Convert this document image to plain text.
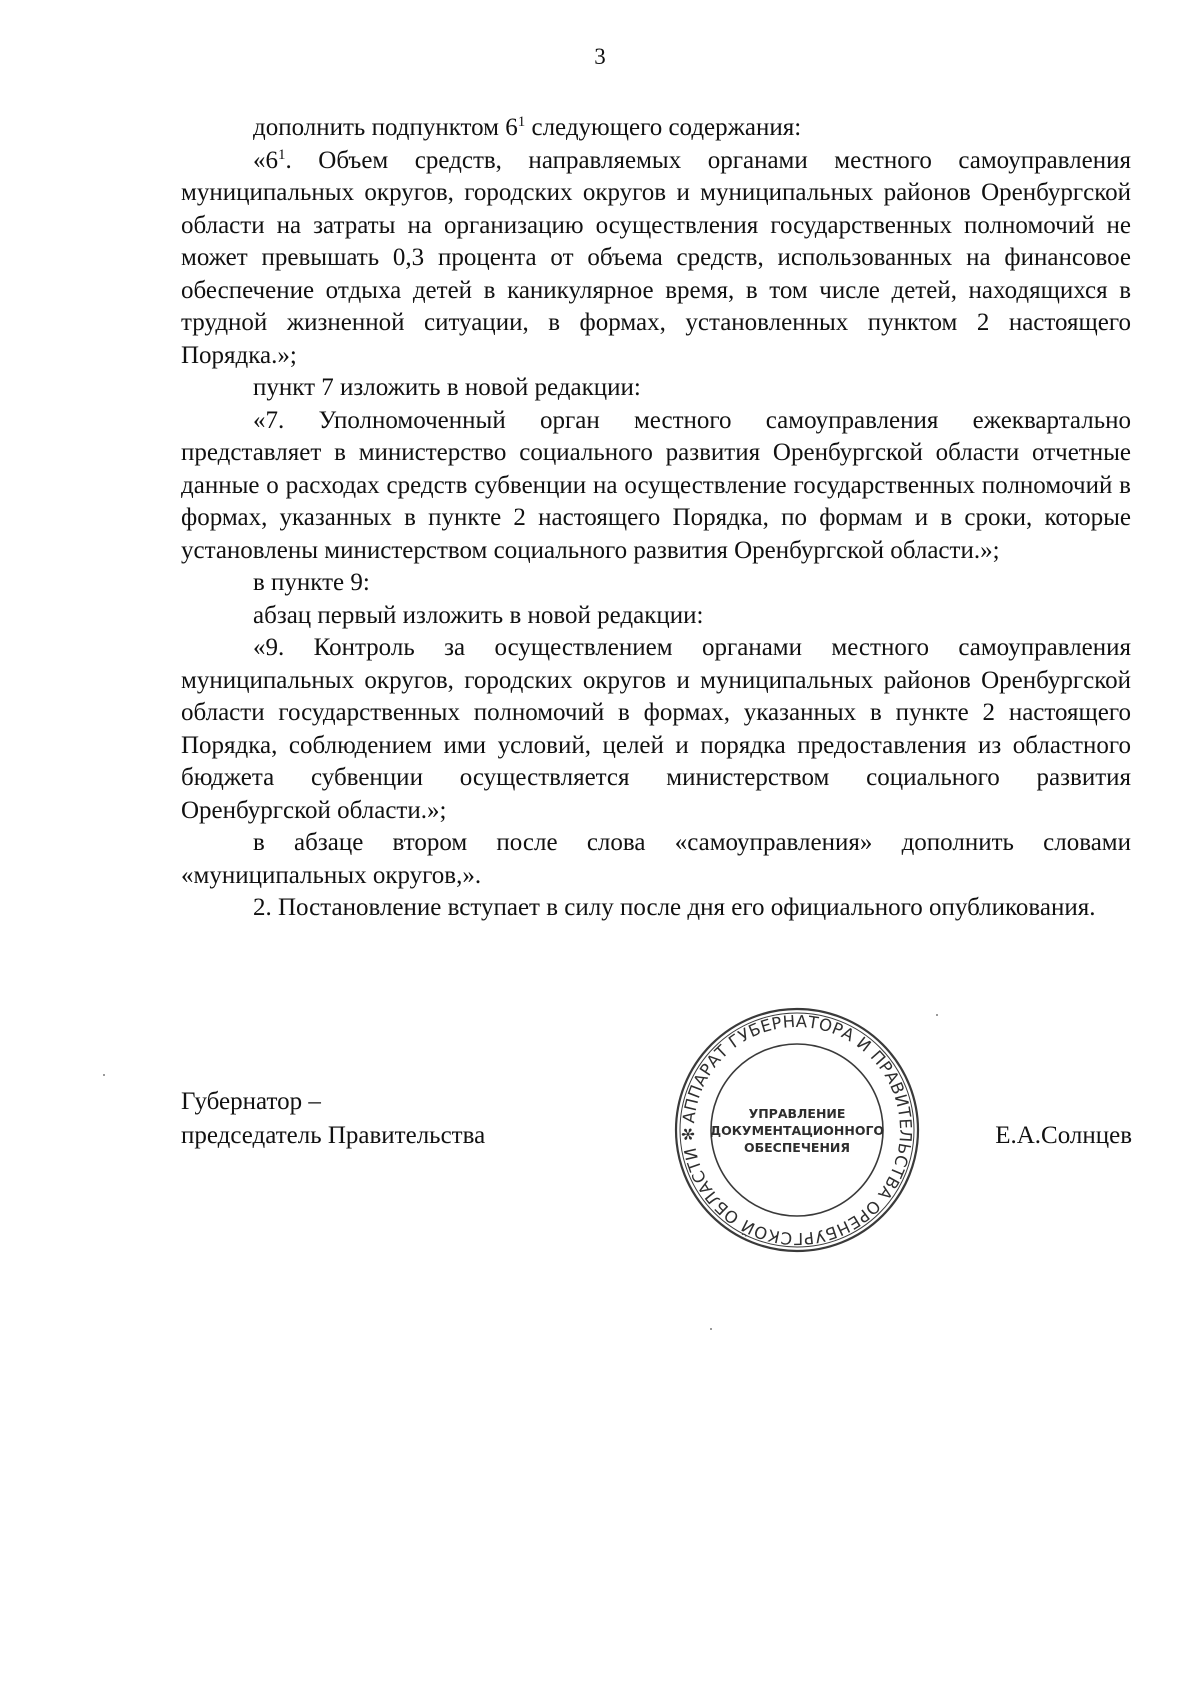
3

дополнить подпунктом $6^1$ следующего содержания:

«$6^1$. Объем средств, направляемых органами местного самоуправления муниципальных округов, городских округов и муниципальных районов Оренбургской области на затраты на организацию осуществления государственных полномочий не может превышать 0,3 процента от объема средств, использованных на финансовое обеспечение отдыха детей в каникулярное время, в том числе детей, находящихся в трудной жизненной ситуации, в формах, установленных пунктом 2 настоящего Порядка.»;

пункт 7 изложить в новой редакции:

«7. Уполномоченный орган местного самоуправления ежеквартально представляет в министерство социального развития Оренбургской области отчетные данные о расходах средств субвенции на осуществление государственных полномочий в формах, указанных в пункте 2 настоящего Порядка, по формам и в сроки, которые установлены министерством социального развития Оренбургской области.»;

в пункте 9:

абзац первый изложить в новой редакции:

«9. Контроль за осуществлением органами местного самоуправления муниципальных округов, городских округов и муниципальных районов Оренбургской области государственных полномочий в формах, указанных в пункте 2 настоящего Порядка, соблюдением ими условий, целей и порядка предоставления из областного бюджета субвенции осуществляется министерством социального развития Оренбургской области.»;

в абзаце втором после слова «самоуправления» дополнить словами «муниципальных округов,».

2. Постановление вступает в силу после дня его официального опубликования.

Губернатор –
председатель Правительства	Е.А.Солнцев
АППАРАТ ГУБЕРНАТОРА И ПРАВИТЕЛЬСТВА ОРЕНБУРГСКОЙ ОБЛАСТИ ✻
УПРАВЛЕНИЕ
ДОКУМЕНТАЦИОННОГО
ОБЕСПЕЧЕНИЯ
